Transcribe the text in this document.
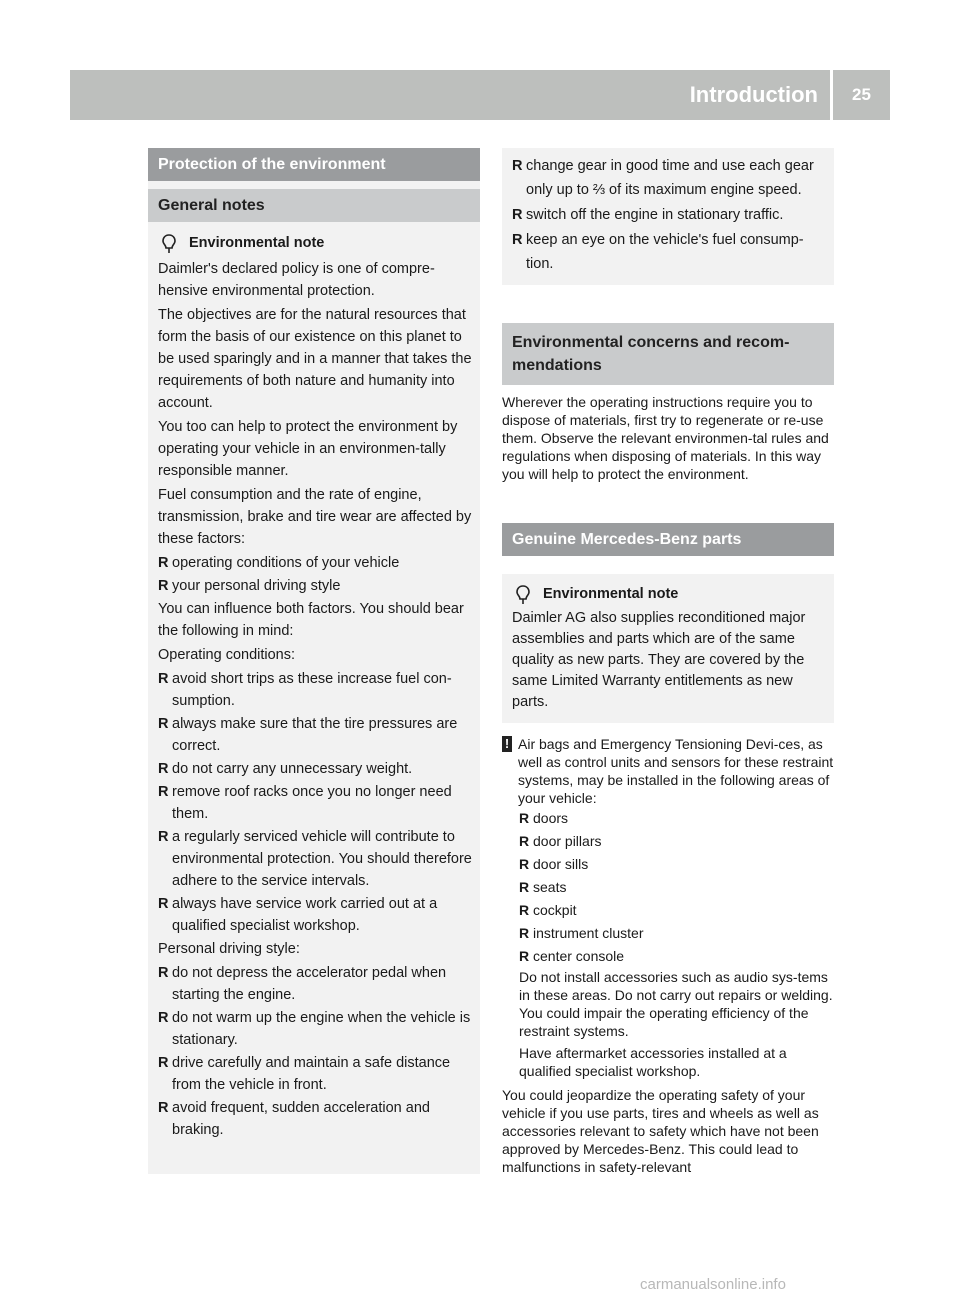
Introduction	25
Protection of the environment
General notes
Environmental note

Daimler's declared policy is one of compre-hensive environmental protection.

The objectives are for the natural resources that form the basis of our existence on this planet to be used sparingly and in a manner that takes the requirements of both nature and humanity into account.

You too can help to protect the environment by operating your vehicle in an environmen-tally responsible manner.

Fuel consumption and the rate of engine, transmission, brake and tire wear are affected by these factors:

R operating conditions of your vehicle
R your personal driving style

You can influence both factors. You should bear the following in mind:

Operating conditions:

R avoid short trips as these increase fuel con-sumption.
R always make sure that the tire pressures are correct.
R do not carry any unnecessary weight.
R remove roof racks once you no longer need them.
R a regularly serviced vehicle will contribute to environmental protection. You should therefore adhere to the service intervals.
R always have service work carried out at a qualified specialist workshop.

Personal driving style:

R do not depress the accelerator pedal when starting the engine.
R do not warm up the engine when the vehicle is stationary.
R drive carefully and maintain a safe distance from the vehicle in front.
R avoid frequent, sudden acceleration and braking.
R change gear in good time and use each gear only up to ⅔ of its maximum engine speed.
R switch off the engine in stationary traffic.
R keep an eye on the vehicle's fuel consump-tion.
Environmental concerns and recom-mendations

Wherever the operating instructions require you to dispose of materials, first try to regenerate or re-use them. Observe the relevant environmen-tal rules and regulations when disposing of materials. In this way you will help to protect the environment.

Genuine Mercedes-Benz parts
Environmental note

Daimler AG also supplies reconditioned major assemblies and parts which are of the same quality as new parts. They are covered by the same Limited Warranty entitlements as new parts.

! Air bags and Emergency Tensioning Devi-ces, as well as control units and sensors for these restraint systems, may be installed in the following areas of your vehicle:
R doors
R door pillars
R door sills
R seats
R cockpit
R instrument cluster
R center console

Do not install accessories such as audio sys-tems in these areas. Do not carry out repairs or welding. You could impair the operating efficiency of the restraint systems.

Have aftermarket accessories installed at a qualified specialist workshop.

You could jeopardize the operating safety of your vehicle if you use parts, tires and wheels as well as accessories relevant to safety which have not been approved by Mercedes-Benz. This could lead to malfunctions in safety-relevant

carmanualsonline.info
